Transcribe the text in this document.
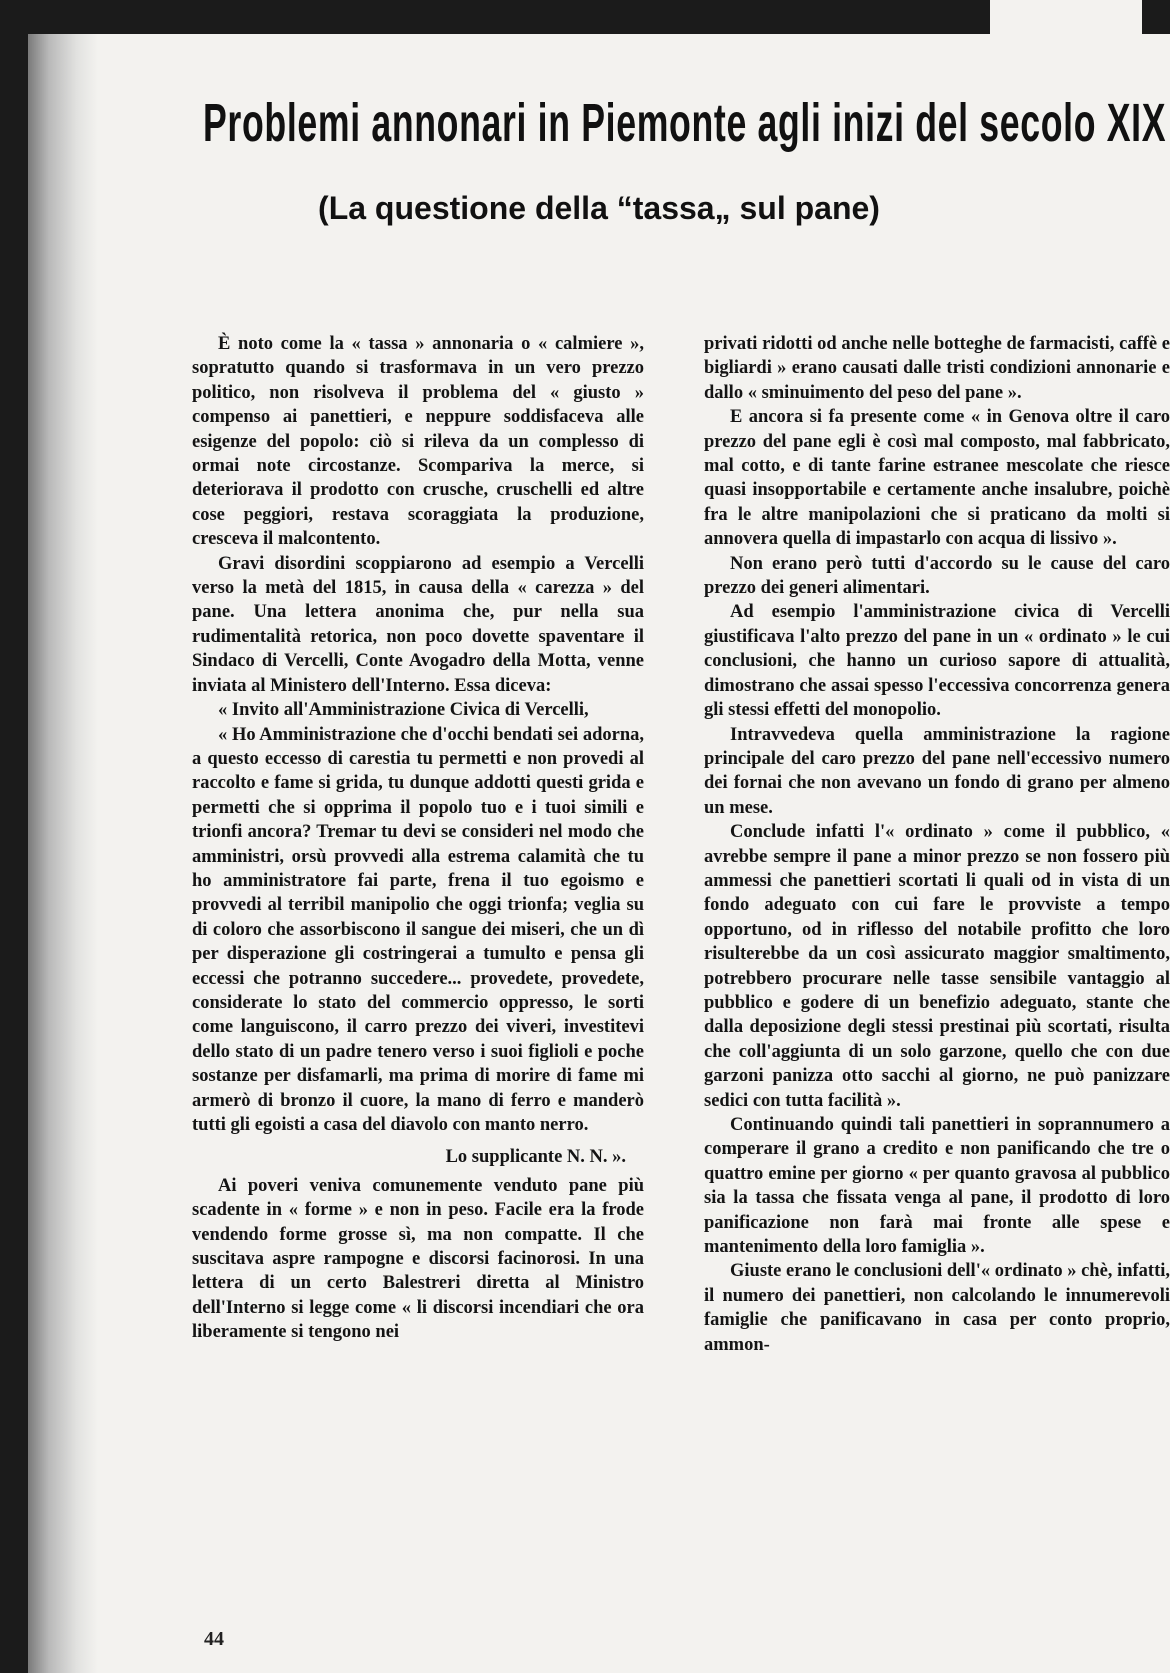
Problemi annonari in Piemonte agli inizi del secolo XIX
(La questione della “tassa„ sul pane)

È noto come la « tassa » annonaria o « calmiere », sopratutto quando si trasformava in un vero prezzo politico, non risolveva il problema del « giusto » compenso ai panettieri, e neppure soddisfaceva alle esigenze del popolo: ciò si rileva da un complesso di ormai note circostanze. Scompariva la merce, si deteriorava il prodotto con crusche, cruschelli ed altre cose peggiori, restava scoraggiata la produzione, cresceva il malcontento.

Gravi disordini scoppiarono ad esempio a Vercelli verso la metà del 1815, in causa della « carezza » del pane. Una lettera anonima che, pur nella sua rudimentalità retorica, non poco dovette spaventare il Sindaco di Vercelli, Conte Avogadro della Motta, venne inviata al Ministero dell'Interno. Essa diceva:

« Invito all'Amministrazione Civica di Vercelli,

« Ho Amministrazione che d'occhi bendati sei adorna, a questo eccesso di carestia tu permetti e non provedi al raccolto e fame si grida, tu dunque addotti questi grida e permetti che si opprima il popolo tuo e i tuoi simili e trionfi ancora? Tremar tu devi se consideri nel modo che amministri, orsù provvedi alla estrema calamità che tu ho amministratore fai parte, frena il tuo egoismo e provvedi al terribil manipolio che oggi trionfa; veglia su di coloro che assorbiscono il sangue dei miseri, che un dì per disperazione gli costringerai a tumulto e pensa gli eccessi che potranno succedere... provedete, provedete, considerate lo stato del commercio oppresso, le sorti come languiscono, il carro prezzo dei viveri, investitevi dello stato di un padre tenero verso i suoi figlioli e poche sostanze per disfamarli, ma prima di morire di fame mi armerò di bronzo il cuore, la mano di ferro e manderò tutti gli egoisti a casa del diavolo con manto nerro.

Lo supplicante N. N. ».

Ai poveri veniva comunemente venduto pane più scadente in « forme » e non in peso. Facile era la frode vendendo forme grosse sì, ma non compatte. Il che suscitava aspre rampogne e discorsi facinorosi. In una lettera di un certo Balestreri diretta al Ministro dell'Interno si legge come « li discorsi incendiari che ora liberamente si tengono nei

privati ridotti od anche nelle botteghe de farmacisti, caffè e bigliardi » erano causati dalle tristi condizioni annonarie e dallo « sminuimento del peso del pane ».

E ancora si fa presente come « in Genova oltre il caro prezzo del pane egli è così mal composto, mal fabbricato, mal cotto, e di tante farine estranee mescolate che riesce quasi insopportabile e certamente anche insalubre, poichè fra le altre manipolazioni che si praticano da molti si annovera quella di impastarlo con acqua di lissivo ».

Non erano però tutti d'accordo su le cause del caro prezzo dei generi alimentari.

Ad esempio l'amministrazione civica di Vercelli giustificava l'alto prezzo del pane in un « ordinato » le cui conclusioni, che hanno un curioso sapore di attualità, dimostrano che assai spesso l'eccessiva concorrenza genera gli stessi effetti del monopolio.

Intravvedeva quella amministrazione la ragione principale del caro prezzo del pane nell'eccessivo numero dei fornai che non avevano un fondo di grano per almeno un mese.

Conclude infatti l'« ordinato » come il pubblico, « avrebbe sempre il pane a minor prezzo se non fossero più ammessi che panettieri scortati li quali od in vista di un fondo adeguato con cui fare le provviste a tempo opportuno, od in riflesso del notabile profitto che loro risulterebbe da un così assicurato maggior smaltimento, potrebbero procurare nelle tasse sensibile vantaggio al pubblico e godere di un benefizio adeguato, stante che dalla deposizione degli stessi prestinai più scortati, risulta che coll'aggiunta di un solo garzone, quello che con due garzoni panizza otto sacchi al giorno, ne può panizzare sedici con tutta facilità ».

Continuando quindi tali panettieri in soprannumero a comperare il grano a credito e non panificando che tre o quattro emine per giorno « per quanto gravosa al pubblico sia la tassa che fissata venga al pane, il prodotto di loro panificazione non farà mai fronte alle spese e mantenimento della loro famiglia ».

Giuste erano le conclusioni dell'« ordinato » chè, infatti, il numero dei panettieri, non calcolando le innumerevoli famiglie che panificavano in casa per conto proprio, ammon-

44
